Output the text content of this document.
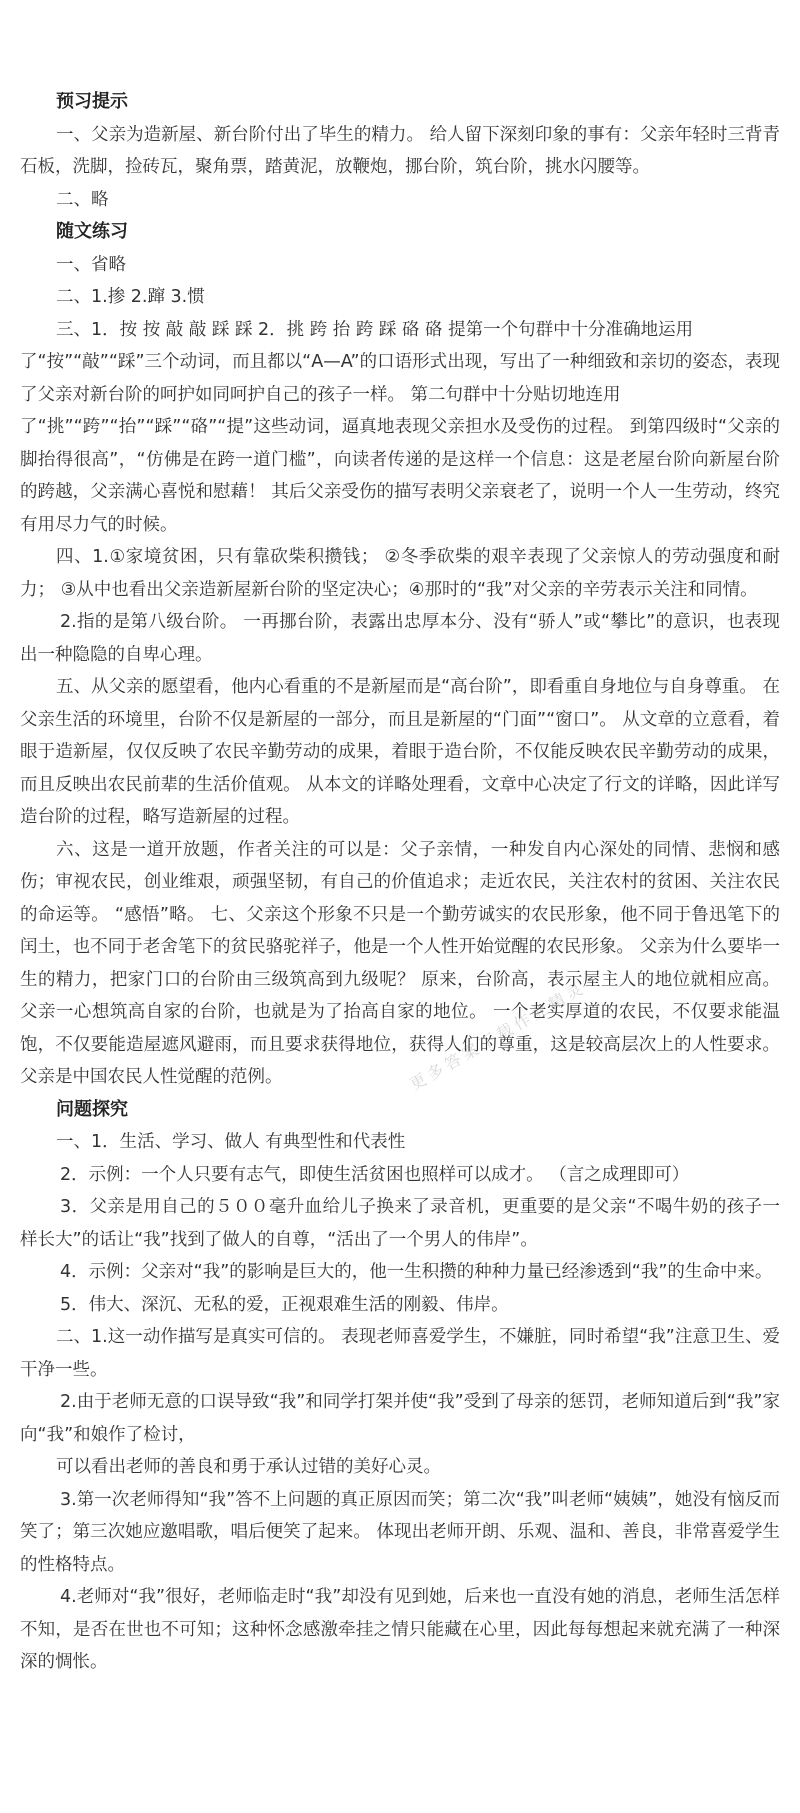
预习提示

一、父亲为造新屋、新台阶付出了毕生的精力。 给人留下深刻印象的事有：父亲年轻时三背青石板，洗脚，捡砖瓦，聚角票，踏黄泥，放鞭炮，挪台阶，筑台阶，挑水闪腰等。

二、略

随文练习

一、省略

二、1.掺 2.蹿 3.惯

三、1．按 按 敲 敲 踩 踩 2．挑 跨 抬 跨 踩 硌 硌 提第一个句群中十分准确地运用

了“按”“敲”“踩”三个动词，而且都以“A—A”的口语形式出现，写出了一种细致和亲切的姿态，表现了父亲对新台阶的呵护如同呵护自己的孩子一样。 第二句群中十分贴切地连用

了“挑”“跨”“抬”“踩”“硌”“提”这些动词，逼真地表现父亲担水及受伤的过程。 到第四级时“父亲的脚抬得很高”，“仿佛是在跨一道门槛”，向读者传递的是这样一个信息：这是老屋台阶向新屋台阶的跨越，父亲满心喜悦和慰藉！ 其后父亲受伤的描写表明父亲衰老了，说明一个人一生劳动，终究有用尽力气的时候。

四、1.①家境贫困，只有靠砍柴积攒钱； ②冬季砍柴的艰辛表现了父亲惊人的劳动强度和耐力； ③从中也看出父亲造新屋新台阶的坚定决心；④那时的“我”对父亲的辛劳表示关注和同情。

2.指的是第八级台阶。 一再挪台阶，表露出忠厚本分、没有“骄人”或“攀比”的意识，也表现出一种隐隐的自卑心理。

五、从父亲的愿望看，他内心看重的不是新屋而是“高台阶”，即看重自身地位与自身尊重。 在父亲生活的环境里，台阶不仅是新屋的一部分，而且是新屋的“门面”“窗口”。 从文章的立意看，着眼于造新屋，仅仅反映了农民辛勤劳动的成果，着眼于造台阶，不仅能反映农民辛勤劳动的成果，而且反映出农民前辈的生活价值观。 从本文的详略处理看，文章中心决定了行文的详略，因此详写造台阶的过程，略写造新屋的过程。

六、这是一道开放题，作者关注的可以是：父子亲情，一种发自内心深处的同情、悲悯和感伤；审视农民，创业维艰，顽强坚韧，有自己的价值追求；走近农民，关注农村的贫困、关注农民的命运等。 “感悟”略。 七、父亲这个形象不只是一个勤劳诚实的农民形象，他不同于鲁迅笔下的闰土，也不同于老舍笔下的贫民骆驼祥子，他是一个人性开始觉醒的农民形象。 父亲为什么要毕一生的精力，把家门口的台阶由三级筑高到九级呢？ 原来，台阶高，表示屋主人的地位就相应高。 父亲一心想筑高自家的台阶，也就是为了抬高自家的地位。 一个老实厚道的农民，不仅要求能温饱，不仅要能造屋遮风避雨，而且要求获得地位，获得人们的尊重，这是较高层次上的人性要求。 父亲是中国农民人性觉醒的范例。

问题探究

一、1．生活、学习、做人 有典型性和代表性

2．示例：一个人只要有志气，即使生活贫困也照样可以成才。 （言之成理即可）

3．父亲是用自己的５００毫升血给儿子换来了录音机，更重要的是父亲“不喝牛奶的孩子一样长大”的话让“我”找到了做人的自尊，“活出了一个男人的伟岸”。

4．示例：父亲对“我”的影响是巨大的，他一生积攒的种种力量已经渗透到“我”的生命中来。

5．伟大、深沉、无私的爱，正视艰难生活的刚毅、伟岸。

二、1.这一动作描写是真实可信的。 表现老师喜爱学生，不嫌脏，同时希望“我”注意卫生、爱干净一些。

2.由于老师无意的口误导致“我”和同学打架并使“我”受到了母亲的惩罚，老师知道后到“我”家向“我”和娘作了检讨，

可以看出老师的善良和勇于承认过错的美好心灵。

3.第一次老师得知“我”答不上问题的真正原因而笑；第二次“我”叫老师“姨姨”，她没有恼反而笑了；第三次她应邀唱歌，唱后便笑了起来。 体现出老师开朗、乐观、温和、善良，非常喜爱学生的性格特点。

4.老师对“我”很好，老师临走时“我”却没有见到她，后来也一直没有她的消息，老师生活怎样不知，是否在世也不可知；这种怀念感激牵挂之情只能藏在心里，因此每每想起来就充满了一种深深的惆怅。

更多答案下载作业精灵
